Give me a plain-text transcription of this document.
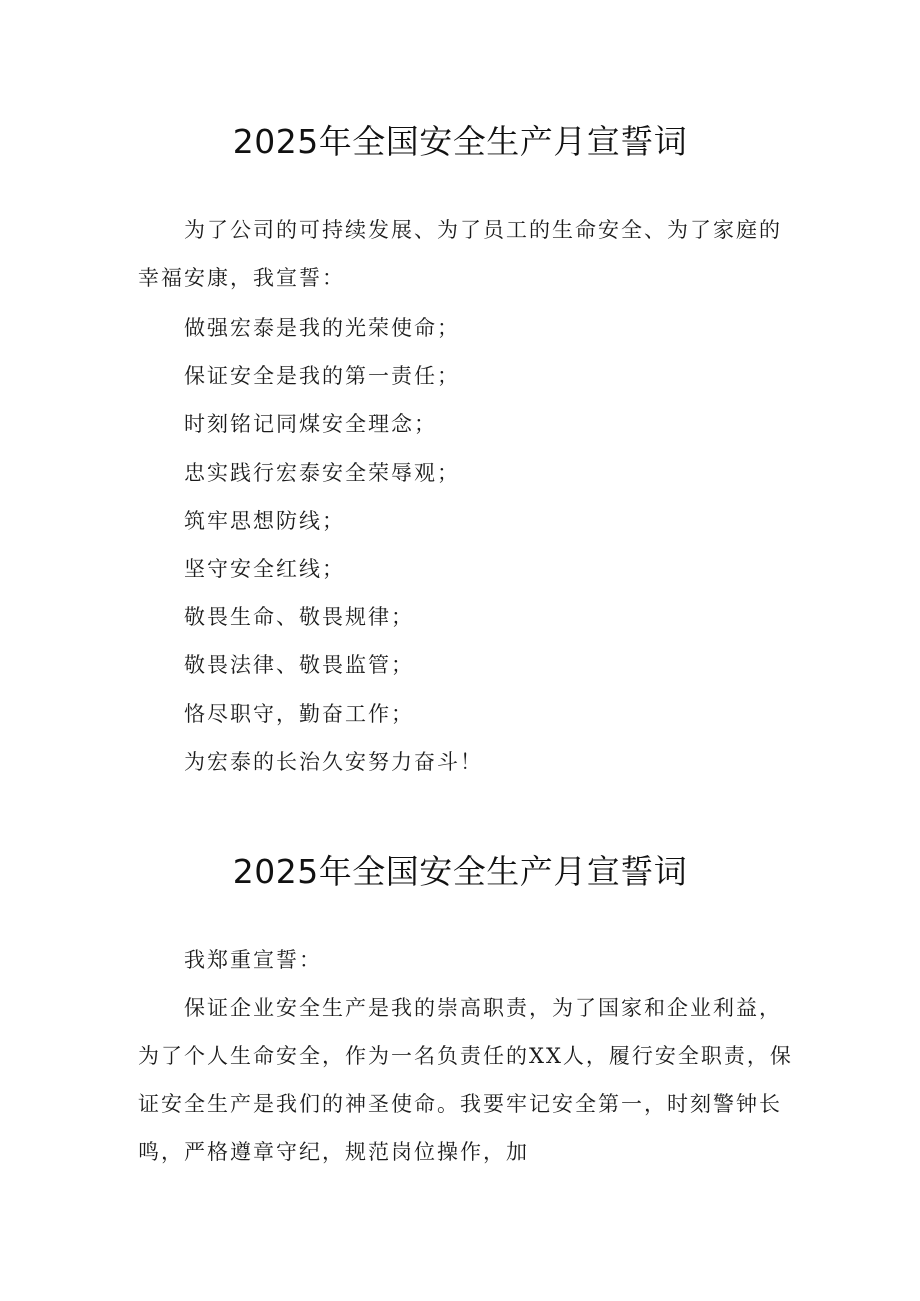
2025年全国安全生产月宣誓词

为了公司的可持续发展、为了员工的生命安全、为了家庭的幸福安康，我宣誓：

做强宏泰是我的光荣使命；
保证安全是我的第一责任；
时刻铭记同煤安全理念；
忠实践行宏泰安全荣辱观；
筑牢思想防线；
坚守安全红线；
敬畏生命、敬畏规律；
敬畏法律、敬畏监管；
恪尽职守，勤奋工作；
为宏泰的长治久安努力奋斗！
2025年全国安全生产月宣誓词

我郑重宣誓：

保证企业安全生产是我的崇高职责，为了国家和企业利益，为了个人生命安全，作为一名负责任的XX人，履行安全职责，保证安全生产是我们的神圣使命。我要牢记安全第一，时刻警钟长鸣，严格遵章守纪，规范岗位操作，加
